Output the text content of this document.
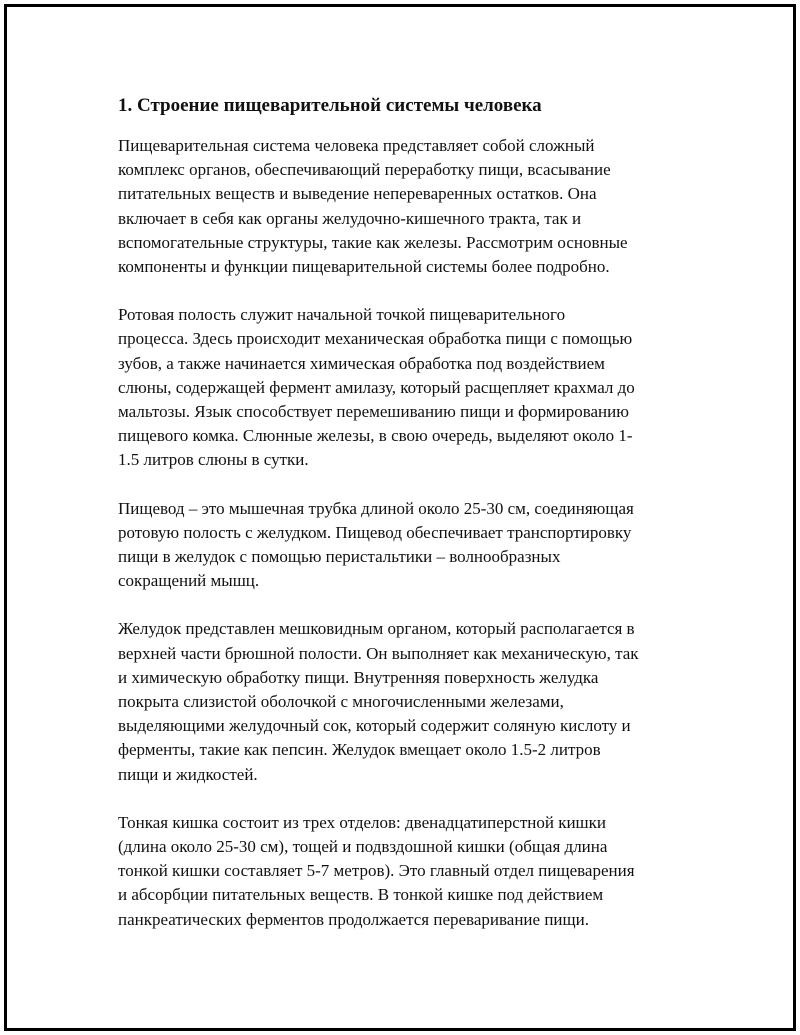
1. Строение пищеварительной системы человека

Пищеварительная система человека представляет собой сложный
комплекс органов, обеспечивающий переработку пищи, всасывание
питательных веществ и выведение непереваренных остатков. Она
включает в себя как органы желудочно-кишечного тракта, так и
вспомогательные структуры, такие как железы. Рассмотрим основные
компоненты и функции пищеварительной системы более подробно.

Ротовая полость служит начальной точкой пищеварительного
процесса. Здесь происходит механическая обработка пищи с помощью
зубов, а также начинается химическая обработка под воздействием
слюны, содержащей фермент амилазу, который расщепляет крахмал до
мальтозы. Язык способствует перемешиванию пищи и формированию
пищевого комка. Слюнные железы, в свою очередь, выделяют около 1-
1.5 литров слюны в сутки.

Пищевод – это мышечная трубка длиной около 25-30 см, соединяющая
ротовую полость с желудком. Пищевод обеспечивает транспортировку
пищи в желудок с помощью перистальтики – волнообразных
сокращений мышц.

Желудок представлен мешковидным органом, который располагается в
верхней части брюшной полости. Он выполняет как механическую, так
и химическую обработку пищи. Внутренняя поверхность желудка
покрыта слизистой оболочкой с многочисленными железами,
выделяющими желудочный сок, который содержит соляную кислоту и
ферменты, такие как пепсин. Желудок вмещает около 1.5-2 литров
пищи и жидкостей.

Тонкая кишка состоит из трех отделов: двенадцатиперстной кишки
(длина около 25-30 см), тощей и подвздошной кишки (общая длина
тонкой кишки составляет 5-7 метров). Это главный отдел пищеварения
и абсорбции питательных веществ. В тонкой кишке под действием
панкреатических ферментов продолжается переваривание пищи.
